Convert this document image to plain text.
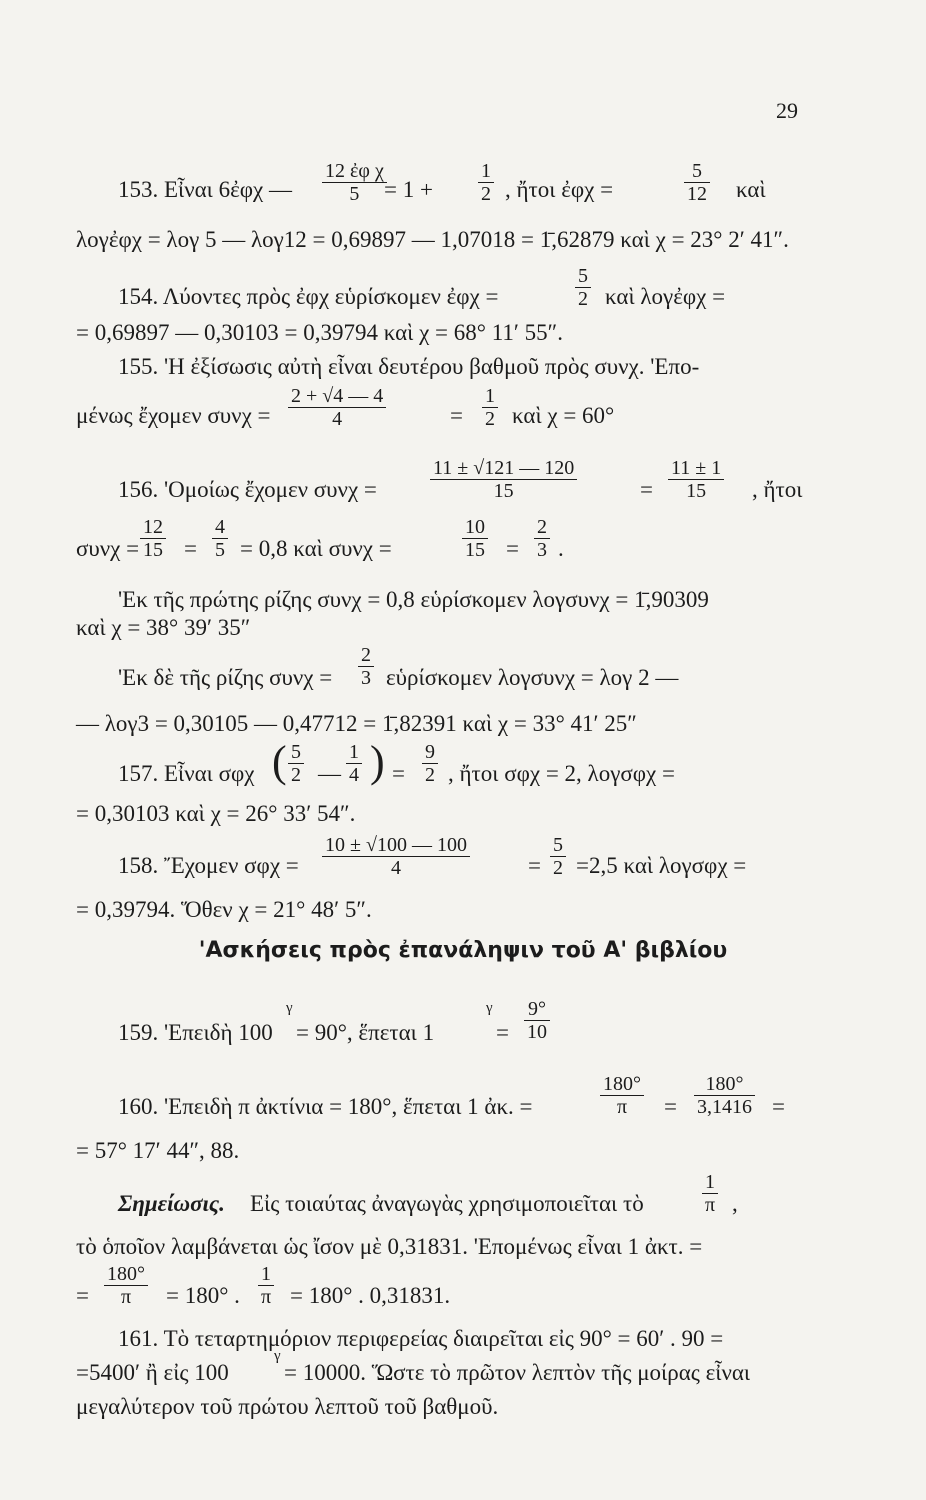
29
153. Εἶναι 6ἐφχ — $\frac{\text{12 ἐφ χ}}{5}$
= $1 + \frac{1}{2}$ , ἤτοι ἐφχ =	$\frac{5}{12}$ καὶ
λογἐφχ = λογ 5 — λογ12 = 0,69897 — 1,07018 = 1̄,62879 καὶ χ = 23° 2′ 41″.
154. Λύοντες πρὸς ἐφχ εὑρίσκομεν ἐφχ =	$\frac{5}{2}$ καὶ λογἐφχ =
= 0,69897 — 0,30103 = 0,39794 καὶ χ = 68° 11′ 55″.
155. 'Η ἐξίσωσις αὐτὴ εἶναι δευτέρου βαθμοῦ πρὸς συνχ. 'Επο-
μένως ἔχομεν $\sigma\upsilon\nu\chi = \frac{2 + √4 — 4}{4}$	= $\frac{1}{2}$ καὶ χ = 60°
156. 'Ομοίως ἔχομεν συνχ =	$\frac{11 \pm √121 — 120}{15}$	= $\frac{11 \pm 1}{15}$ , ἤτοι
$\sigma\upsilon\nu\chi = \frac{12}{15} = \frac{4}{5} = 0,8$ καὶ συνχ =	$\frac{10}{15} = \frac{2}{3}$ .
'Εκ τῆς πρώτης ρίζης συνχ = 0,8 εὑρίσκομεν λογσυνχ = 1̄,90309
καὶ χ = 38° 39′ 35″
'Εκ δὲ τῆς ρίζης $\sigma\upsilon\nu\chi = \frac{2}{3}$ εὑρίσκομεν λογσυνχ = λογ 2 —
— λογ3 = 0,30105 — 0,47712 = 1̄,82391 καὶ χ = 33° 41′ 25″
157. Εἶναι σφχ ( $\frac{5}{2}$ — $\frac{1}{4}$ ) = $\frac{9}{2}$ , ἤτοι σφχ = 2, λογσφχ =
= 0,30103 καὶ χ = 26° 33′ 54″.
158. Ἔχομεν $\sigma\varphi\chi = \frac{10 \pm √100 — 100}{4}$	= $\frac{5}{2} =2,5$ καὶ λογσφχ =
= 0,39794. Ὅθεν χ = 21° 48′ 5″.
'Ασκήσεις πρὸς ἐπανάληψιν τοῦ Α' βιβλίου
159. 'Επειδὴ 100
γ
= 90°, ἕπεται 1
γ
= $\frac{9^\circ}{10}$
160. 'Επειδὴ π ἀκτίνια = 180°, ἕπεται 1 ἀκ. =	$\frac{180^\circ}{\pi} = \frac{180^\circ}{3,1416}$ =
= 57° 17′ 44″, 88.
Σημείωσις. Εἰς τοιαύτας ἀναγωγὰς χρησιμοποιεῖται τὸ	$\frac{1}{\pi}$ ,
τὸ ὁποῖον λαμβάνεται ὡς ἴσον μὲ 0,31831. 'Επομένως εἶναι 1 ἀκτ. =
= $\frac{180^\circ}{\pi} = 180^\circ$ . $\frac{1}{\pi} = 180^\circ$ . 0,31831.
161. Τὸ τεταρτημόριον περιφερείας διαιρεῖται εἰς 90° = 60′ . 90 =
=5400′ ἢ εἰς 100
γ
= 10000. Ὥστε τὸ πρῶτον λεπτὸν τῆς μοίρας εἶναι
μεγαλύτερον τοῦ πρώτου λεπτοῦ τοῦ βαθμοῦ.
